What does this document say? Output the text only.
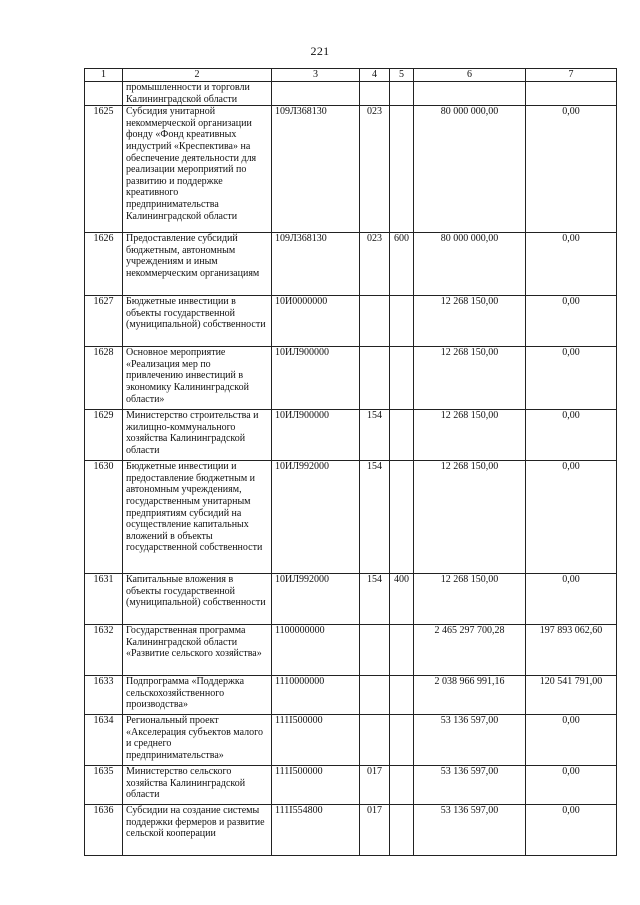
221
1	2	3	4	5	6	7
	промышленности и торговли Калининградской области					
1625	Субсидия унитарной некоммерческой организации фонду «Фонд креативных индустрий «Креспектива» на обеспечение деятельности для реализации мероприятий по развитию и поддержке креативного предпринимательства Калининградской области	109Л368130	023		80 000 000,00	0,00
1626	Предоставление субсидий бюджетным, автономным учреждениям и иным некоммерческим организациям	109Л368130	023	600	80 000 000,00	0,00
1627	Бюджетные инвестиции в объекты государственной (муниципальной) собственности	10И0000000			12 268 150,00	0,00
1628	Основное мероприятие «Реализация мер по привлечению инвестиций в экономику Калининградской области»	10ИЛ900000			12 268 150,00	0,00
1629	Министерство строительства и жилищно-коммунального хозяйства Калининградской области	10ИЛ900000	154		12 268 150,00	0,00
1630	Бюджетные инвестиции и предоставление бюджетным и автономным учреждениям, государственным унитарным предприятиям субсидий на осуществление капитальных вложений в объекты государственной собственности	10ИЛ992000	154		12 268 150,00	0,00
1631	Капитальные вложения в объекты государственной (муниципальной) собственности	10ИЛ992000	154	400	12 268 150,00	0,00
1632	Государственная программа Калининградской области «Развитие сельского хозяйства»	1100000000			2 465 297 700,28	197 893 062,60
1633	Подпрограмма «Поддержка сельскохозяйственного производства»	1110000000			2 038 966 991,16	120 541 791,00
1634	Региональный проект «Акселерация субъектов малого и среднего предпринимательства»	111I500000			53 136 597,00	0,00
1635	Министерство сельского хозяйства Калининградской области	111I500000	017		53 136 597,00	0,00
1636	Субсидии на создание системы поддержки фермеров и развитие сельской кооперации	111I554800	017		53 136 597,00	0,00
